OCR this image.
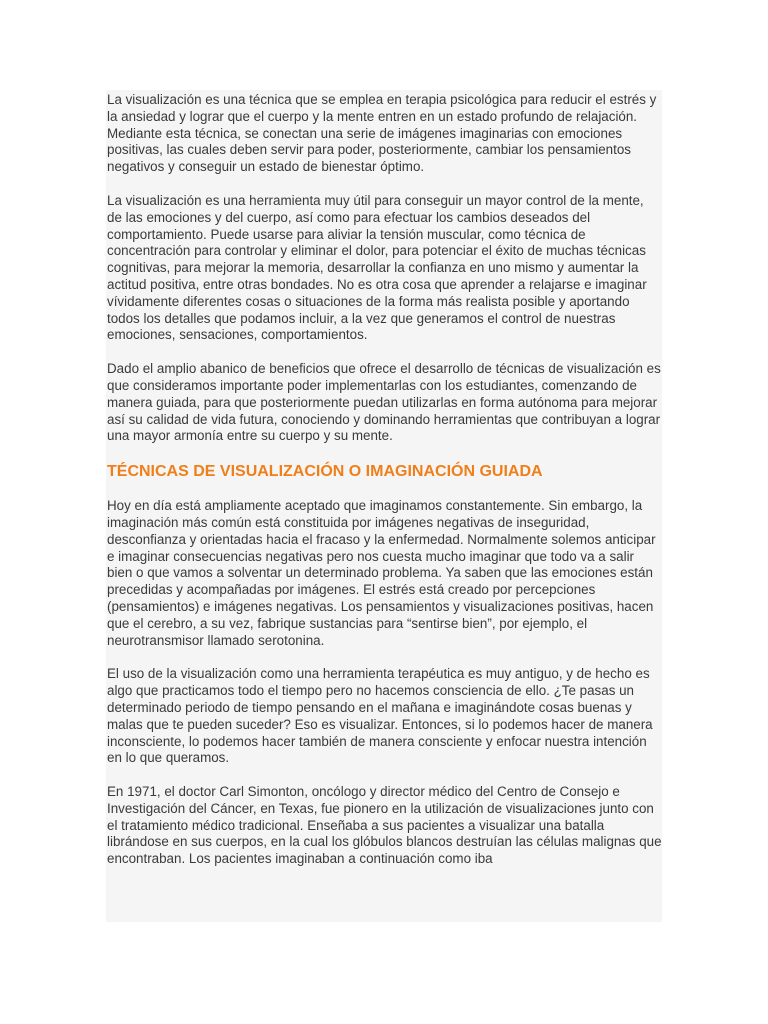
La visualización es una técnica que se emplea en terapia psicológica para reducir el estrés y la ansiedad y lograr que el cuerpo y la mente entren en un estado profundo de relajación. Mediante esta técnica, se conectan una serie de imágenes imaginarias con emociones positivas, las cuales deben servir para poder, posteriormente, cambiar los pensamientos negativos y conseguir un estado de bienestar óptimo.

La visualización es una herramienta muy útil para conseguir un mayor control de la mente, de las emociones y del cuerpo, así como para efectuar los cambios deseados del comportamiento. Puede usarse para aliviar la tensión muscular, como técnica de concentración para controlar y eliminar el dolor, para potenciar el éxito de muchas técnicas cognitivas, para mejorar la memoria, desarrollar la confianza en uno mismo y aumentar la actitud positiva, entre otras bondades. No es otra cosa que aprender a relajarse e imaginar vívidamente diferentes cosas o situaciones de la forma más realista posible y aportando todos los detalles que podamos incluir, a la vez que generamos el control de nuestras emociones, sensaciones, comportamientos.

Dado el amplio abanico de beneficios que ofrece el desarrollo de técnicas de visualización es que consideramos importante poder implementarlas con los estudiantes, comenzando de manera guiada, para que posteriormente puedan utilizarlas en forma autónoma para mejorar así su calidad de vida futura, conociendo y dominando herramientas que contribuyan a lograr una mayor armonía entre su cuerpo y su mente.

TÉCNICAS DE VISUALIZACIÓN O IMAGINACIÓN GUIADA

Hoy en día está ampliamente aceptado que imaginamos constantemente. Sin embargo, la imaginación más común está constituida por imágenes negativas de inseguridad, desconfianza y orientadas hacia el fracaso y la enfermedad. Normalmente solemos anticipar e imaginar consecuencias negativas pero nos cuesta mucho imaginar que todo va a salir bien o que vamos a solventar un determinado problema. Ya saben que las emociones están precedidas y acompañadas por imágenes. El estrés está creado por percepciones (pensamientos) e imágenes negativas. Los pensamientos y visualizaciones positivas, hacen que el cerebro, a su vez, fabrique sustancias para “sentirse bien”, por ejemplo, el neurotransmisor llamado serotonina.

El uso de la visualización como una herramienta terapéutica es muy antiguo, y de hecho es algo que practicamos todo el tiempo pero no hacemos consciencia de ello. ¿Te pasas un determinado periodo de tiempo pensando en el mañana e imaginándote cosas buenas y malas que te pueden suceder? Eso es visualizar. Entonces, si lo podemos hacer de manera inconsciente, lo podemos hacer también de manera consciente y enfocar nuestra intención en lo que queramos.

En 1971, el doctor Carl Simonton, oncólogo y director médico del Centro de Consejo e Investigación del Cáncer, en Texas, fue pionero en la utilización de visualizaciones junto con el tratamiento médico tradicional. Enseñaba a sus pacientes a visualizar una batalla librándose en sus cuerpos, en la cual los glóbulos blancos destruían las células malignas que encontraban. Los pacientes imaginaban a continuación como iba
